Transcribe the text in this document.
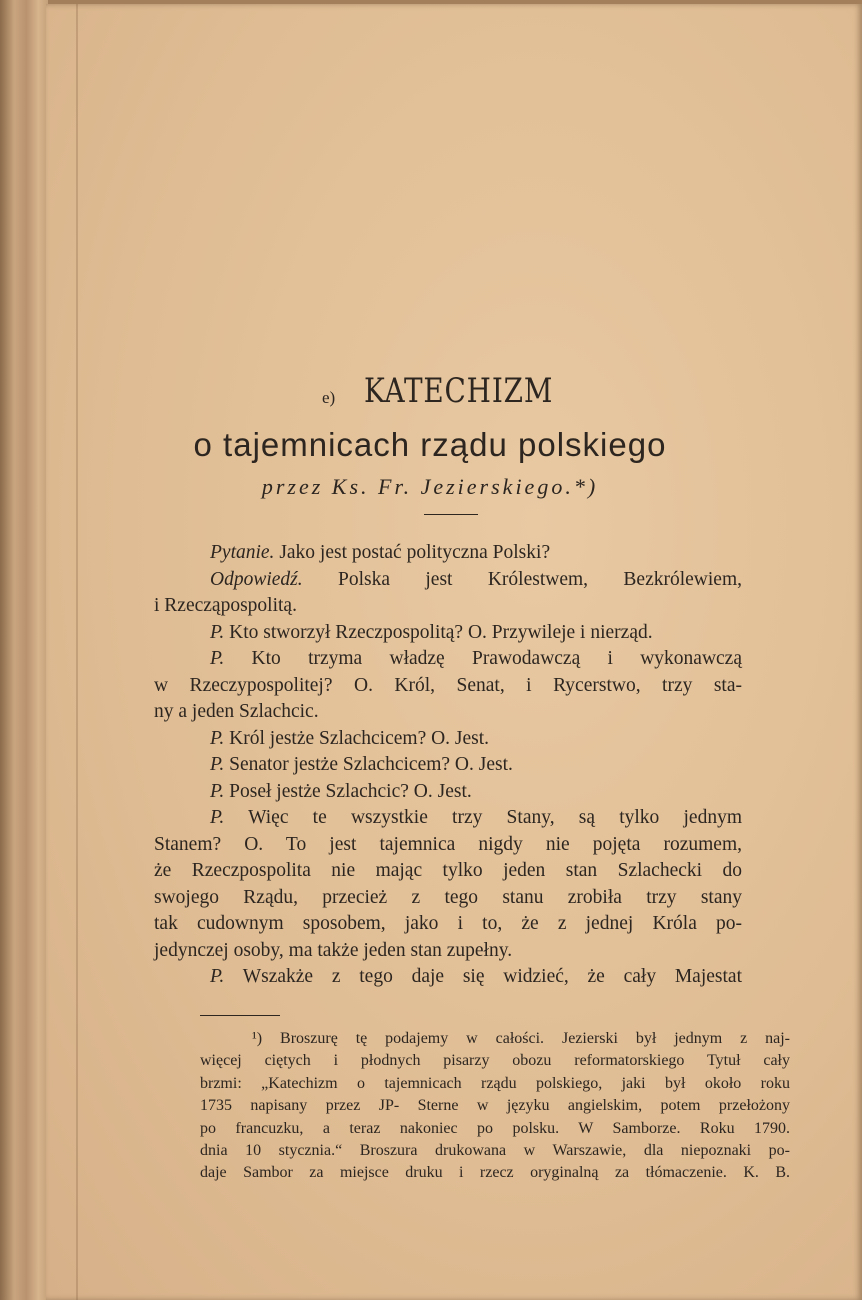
e) KATECHIZM
o tajemnicach rządu polskiego
przez Ks. Fr. Jezierskiego.*)
Pytanie. Jako jest postać polityczna Polski?
Odpowiedź. Polska jest Królestwem, Bezkrólewiem,
i Rzecząpospolitą.
P. Kto stworzył Rzeczpospolitą? O. Przywileje i nierząd.
P. Kto trzyma władzę Prawodawczą i wykonawczą
w Rzeczypospolitej? O. Król, Senat, i Rycerstwo, trzy sta-
ny a jeden Szlachcic.
P. Król jestże Szlachcicem? O. Jest.
P. Senator jestże Szlachcicem? O. Jest.
P. Poseł jestże Szlachcic? O. Jest.
P. Więc te wszystkie trzy Stany, są tylko jednym
Stanem? O. To jest tajemnica nigdy nie pojęta rozumem,
że Rzeczpospolita nie mając tylko jeden stan Szlachecki do
swojego Rządu, przecież z tego stanu zrobiła trzy stany
tak cudownym sposobem, jako i to, że z jednej Króla po-
jedynczej osoby, ma także jeden stan zupełny.
P. Wszakże z tego daje się widzieć, że cały Majestat
¹) Broszurę tę podajemy w całości. Jezierski był jednym z naj-
więcej ciętych i płodnych pisarzy obozu reformatorskiego Tytuł cały
brzmi: „Katechizm o tajemnicach rządu polskiego, jaki był około roku
1735 napisany przez JP- Sterne w języku angielskim, potem przełożony
po francuzku, a teraz nakoniec po polsku. W Samborze. Roku 1790.
dnia 10 stycznia.“ Broszura drukowana w Warszawie, dla niepoznaki po-
daje Sambor za miejsce druku i rzecz oryginalną za tłómaczenie. K. B.
